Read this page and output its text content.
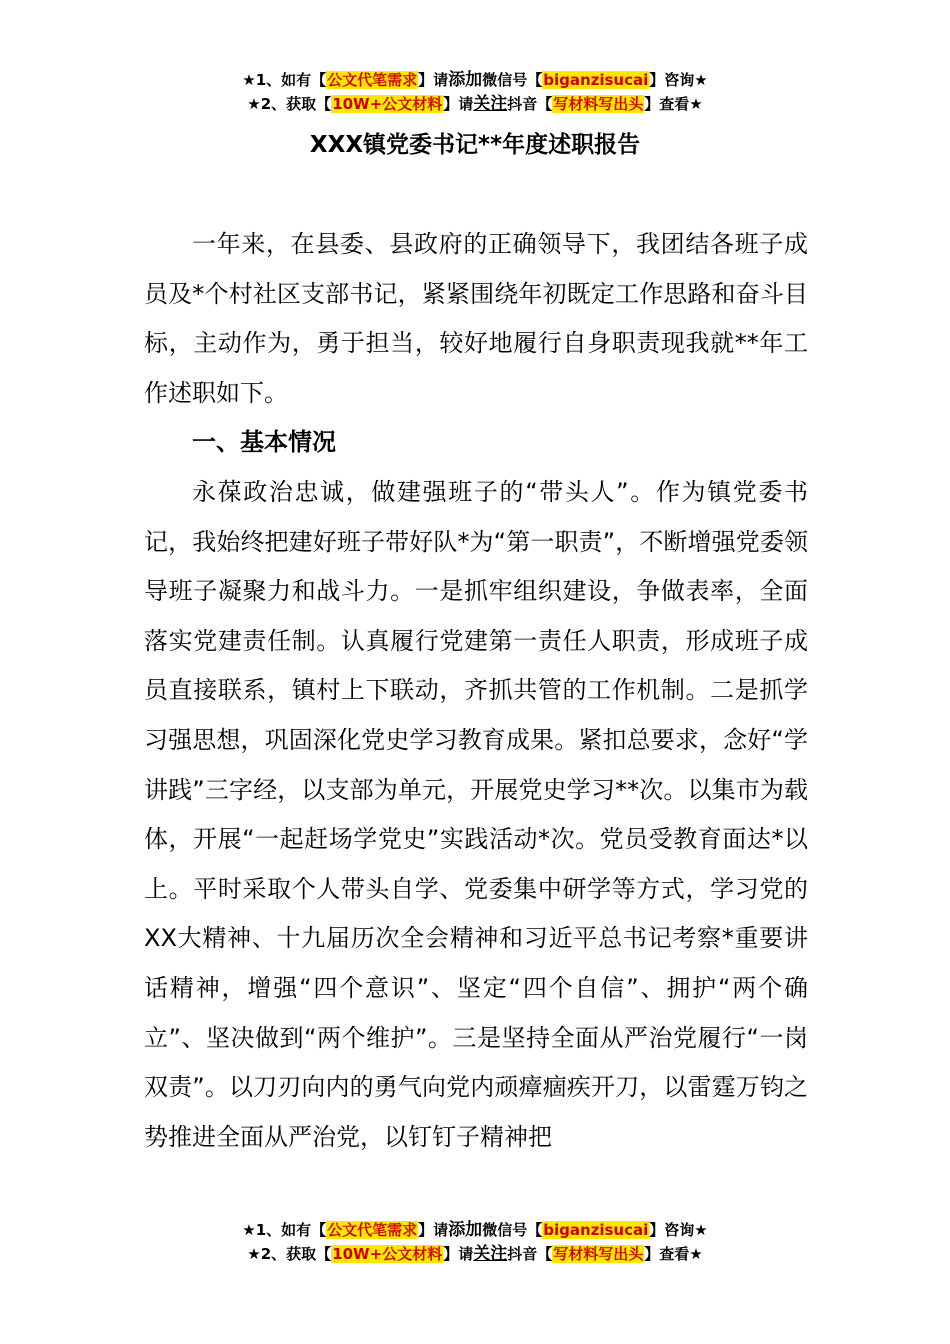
★1、如有【公文代笔需求】请添加微信号【biganzisucai】咨询★
★2、获取【10W+公文材料】请关注抖音【写材料写出头】查看★
XXX镇党委书记**年度述职报告

一年来，在县委、县政府的正确领导下，我团结各班子成员及*个村社区支部书记，紧紧围绕年初既定工作思路和奋斗目标，主动作为，勇于担当，较好地履行自身职责现我就**年工作述职如下。

一、基本情况

永葆政治忠诚，做建强班子的“带头人”。作为镇党委书记，我始终把建好班子带好队*为“第一职责”，不断增强党委领导班子凝聚力和战斗力。一是抓牢组织建设，争做表率，全面落实党建责任制。认真履行党建第一责任人职责，形成班子成员直接联系，镇村上下联动，齐抓共管的工作机制。二是抓学习强思想，巩固深化党史学习教育成果。紧扣总要求，念好“学讲践”三字经，以支部为单元，开展党史学习**次。以集市为载体，开展“一起赶场学党史”实践活动*次。党员受教育面达*以上。平时采取个人带头自学、党委集中研学等方式，学习党的XX大精神、十九届历次全会精神和习近平总书记考察*重要讲话精神，增强“四个意识”、坚定“四个自信”、拥护“两个确立”、坚决做到“两个维护”。三是坚持全面从严治党履行“一岗双责”。以刀刃向内的勇气向党内顽瘴痼疾开刀，以雷霆万钧之势推进全面从严治党，以钉钉子精神把

★1、如有【公文代笔需求】请添加微信号【biganzisucai】咨询★
★2、获取【10W+公文材料】请关注抖音【写材料写出头】查看★
